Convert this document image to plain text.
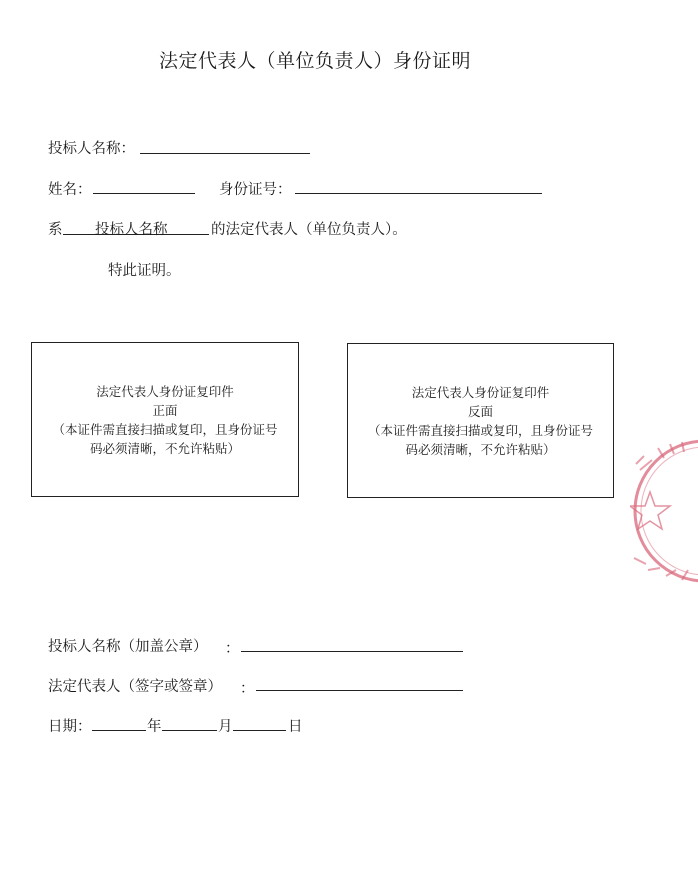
法定代表人（单位负责人）身份证明
投标人名称：
姓名：	身份证号：
系 投标人名称	的法定代表人（单位负责人）。
特此证明。
法定代表人身份证复印件
正面
（本证件需直接扫描或复印，且身份证号
码必须清晰，不允许粘贴）
法定代表人身份证复印件
反面
（本证件需直接扫描或复印，且身份证号
码必须清晰，不允许粘贴）
投标人名称（加盖公章） ：
法定代表人（签字或签章） ：
日期：	年	月	日
